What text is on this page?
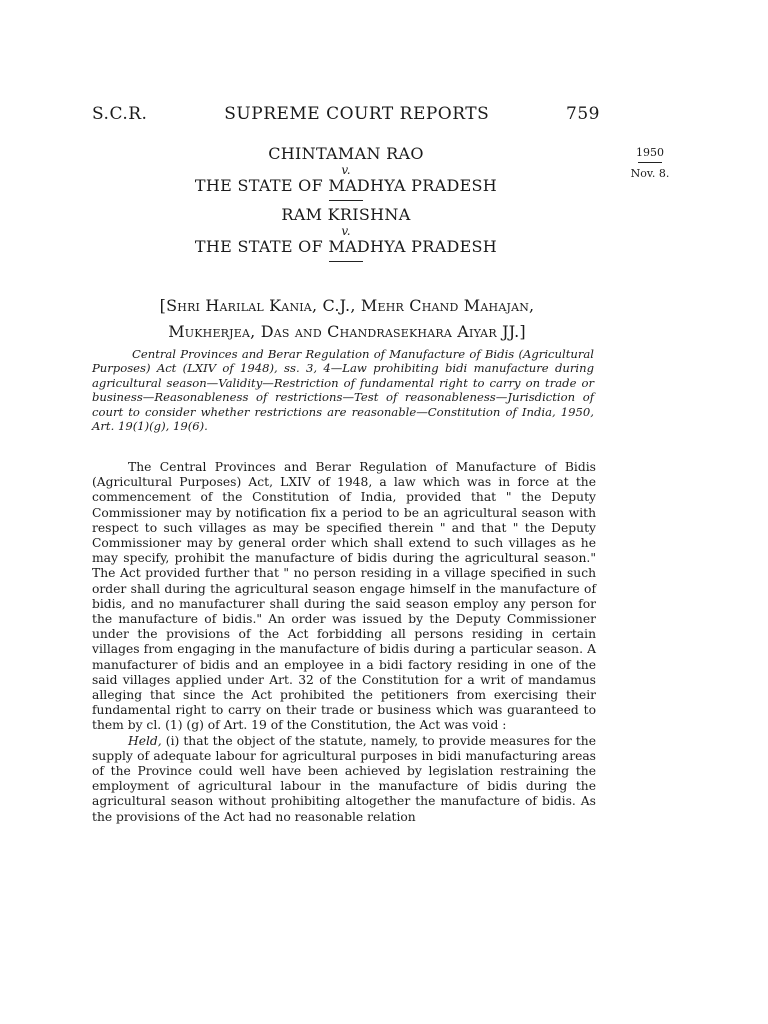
S.C.R.	SUPREME COURT REPORTS	759
1950
Nov. 8.
CHINTAMAN RAO
v.
THE STATE OF MADHYA PRADESH
RAM KRISHNA
v.
THE STATE OF MADHYA PRADESH
[Shri Harilal Kania, C.J., Mehr Chand Mahajan,
Mukherjea, Das and Chandrasekhara Aiyar JJ.]
Central Provinces and Berar Regulation of Manufacture of Bidis (Agricultural Purposes) Act (LXIV of 1948), ss. 3, 4—Law prohibiting bidi manufacture during agricultural season—Validity—Restriction of fundamental right to carry on trade or business—Reasonableness of restrictions—Test of reasonableness—Jurisdiction of court to consider whether restrictions are reasonable—Constitution of India, 1950, Art. 19(1)(g), 19(6).

The Central Provinces and Berar Regulation of Manufacture of Bidis (Agricultural Purposes) Act, LXIV of 1948, a law which was in force at the commencement of the Constitution of India, provided that " the Deputy Commissioner may by notification fix a period to be an agricultural season with respect to such villages as may be specified therein " and that " the Deputy Commissioner may by general order which shall extend to such villages as he may specify, prohibit the manufacture of bidis during the agricultural season." The Act provided further that " no person residing in a village specified in such order shall during the agricultural season engage himself in the manufacture of bidis, and no manufacturer shall during the said season employ any person for the manufacture of bidis." An order was issued by the Deputy Commissioner under the provisions of the Act forbidding all persons residing in certain villages from engaging in the manufacture of bidis during a particular season. A manufacturer of bidis and an employee in a bidi factory residing in one of the said villages applied under Art. 32 of the Constitution for a writ of mandamus alleging that since the Act prohibited the petitioners from exercising their fundamental right to carry on their trade or business which was guaranteed to them by cl. (1) (g) of Art. 19 of the Constitution, the Act was void :

Held, (i) that the object of the statute, namely, to provide measures for the supply of adequate labour for agricultural purposes in bidi manufacturing areas of the Province could well have been achieved by legislation restraining the employment of agricultural labour in the manufacture of bidis during the agricultural season without prohibiting altogether the manufacture of bidis. As the provisions of the Act had no reasonable relation
